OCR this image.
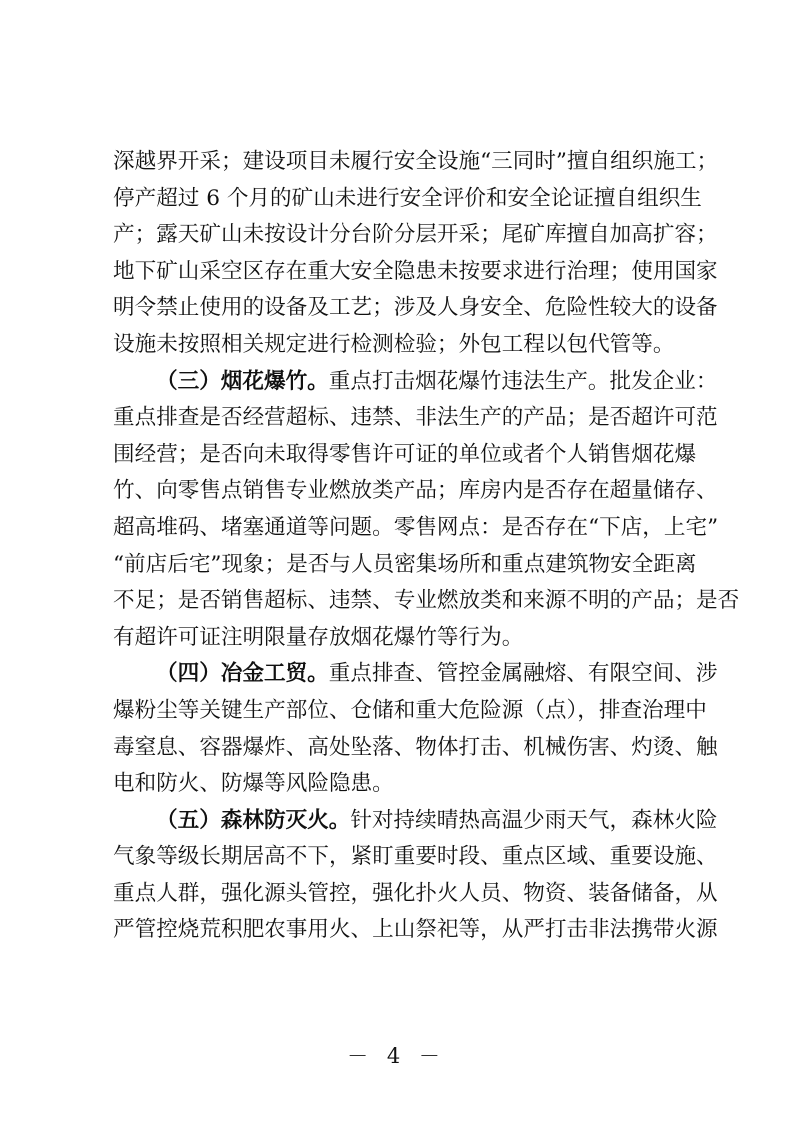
深越界开采；建设项目未履行安全设施“三同时”擅自组织施工；
停产超过 6 个月的矿山未进行安全评价和安全论证擅自组织生
产；露天矿山未按设计分台阶分层开采；尾矿库擅自加高扩容；
地下矿山采空区存在重大安全隐患未按要求进行治理；使用国家
明令禁止使用的设备及工艺；涉及人身安全、危险性较大的设备
设施未按照相关规定进行检测检验；外包工程以包代管等。
（三）烟花爆竹。重点打击烟花爆竹违法生产。批发企业：
重点排查是否经营超标、违禁、非法生产的产品；是否超许可范
围经营；是否向未取得零售许可证的单位或者个人销售烟花爆
竹、向零售点销售专业燃放类产品；库房内是否存在超量储存、
超高堆码、堵塞通道等问题。零售网点：是否存在“下店，上宅”
“前店后宅”现象；是否与人员密集场所和重点建筑物安全距离
不足；是否销售超标、违禁、专业燃放类和来源不明的产品；是否
有超许可证注明限量存放烟花爆竹等行为。
（四）冶金工贸。重点排查、管控金属融熔、有限空间、涉
爆粉尘等关键生产部位、仓储和重大危险源（点），排查治理中
毒窒息、容器爆炸、高处坠落、物体打击、机械伤害、灼烫、触
电和防火、防爆等风险隐患。
（五）森林防灭火。针对持续晴热高温少雨天气，森林火险
气象等级长期居高不下，紧盯重要时段、重点区域、重要设施、
重点人群，强化源头管控，强化扑火人员、物资、装备储备，从
严管控烧荒积肥农事用火、上山祭祀等，从严打击非法携带火源
－ 4 －
